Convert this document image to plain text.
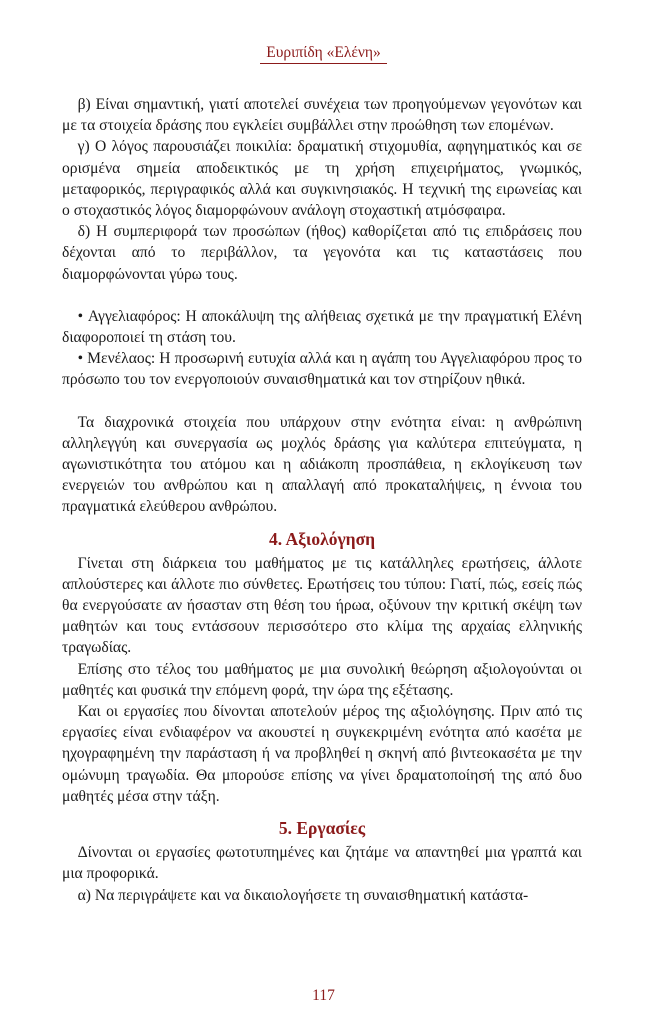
Ευριπίδη «Ελένη»

β) Είναι σημαντική, γιατί αποτελεί συνέχεια των προηγούμενων γεγονότων και με τα στοιχεία δράσης που εγκλείει συμβάλλει στην προώθηση των επομένων.

γ) Ο λόγος παρουσιάζει ποικιλία: δραματική στιχομυθία, αφηγηματικός και σε ορισμένα σημεία αποδεικτικός με τη χρήση επιχειρήματος, γνωμικός, μεταφορικός, περιγραφικός αλλά και συγκινησιακός. Η τεχνική της ειρωνείας και ο στοχαστικός λόγος διαμορφώνουν ανάλογη στοχαστική ατμόσφαιρα.

δ) Η συμπεριφορά των προσώπων (ήθος) καθορίζεται από τις επιδράσεις που δέχονται από το περιβάλλον, τα γεγονότα και τις καταστάσεις που διαμορφώνονται γύρω τους.

• Αγγελιαφόρος: Η αποκάλυψη της αλήθειας σχετικά με την πραγματική Ελένη διαφοροποιεί τη στάση του.

• Μενέλαος: Η προσωρινή ευτυχία αλλά και η αγάπη του Αγγελιαφόρου προς το πρόσωπο του τον ενεργοποιούν συναισθηματικά και τον στηρίζουν ηθικά.

Τα διαχρονικά στοιχεία που υπάρχουν στην ενότητα είναι: η ανθρώπινη αλληλεγγύη και συνεργασία ως μοχλός δράσης για καλύτερα επιτεύγματα, η αγωνιστικότητα του ατόμου και η αδιάκοπη προσπάθεια, η εκλογίκευση των ενεργειών του ανθρώπου και η απαλλαγή από προκαταλήψεις, η έννοια του πραγματικά ελεύθερου ανθρώπου.

4. Αξιολόγηση

Γίνεται στη διάρκεια του μαθήματος με τις κατάλληλες ερωτήσεις, άλλοτε απλούστερες και άλλοτε πιο σύνθετες. Ερωτήσεις του τύπου: Γιατί, πώς, εσείς πώς θα ενεργούσατε αν ήσασταν στη θέση του ήρωα, οξύνουν την κριτική σκέψη των μαθητών και τους εντάσσουν περισσότερο στο κλίμα της αρχαίας ελληνικής τραγωδίας.

Επίσης στο τέλος του μαθήματος με μια συνολική θεώρηση αξιολογούνται οι μαθητές και φυσικά την επόμενη φορά, την ώρα της εξέτασης.

Και οι εργασίες που δίνονται αποτελούν μέρος της αξιολόγησης. Πριν από τις εργασίες είναι ενδιαφέρον να ακουστεί η συγκεκριμένη ενότητα από κασέτα με ηχογραφημένη την παράσταση ή να προβληθεί η σκηνή από βιντεοκασέτα με την ομώνυμη τραγωδία. Θα μπορούσε επίσης να γίνει δραματοποίησή της από δυο μαθητές μέσα στην τάξη.

5. Εργασίες

Δίνονται οι εργασίες φωτοτυπημένες και ζητάμε να απαντηθεί μια γραπτά και μια προφορικά.

α) Να περιγράψετε και να δικαιολογήσετε τη συναισθηματική κατάστα-

117
